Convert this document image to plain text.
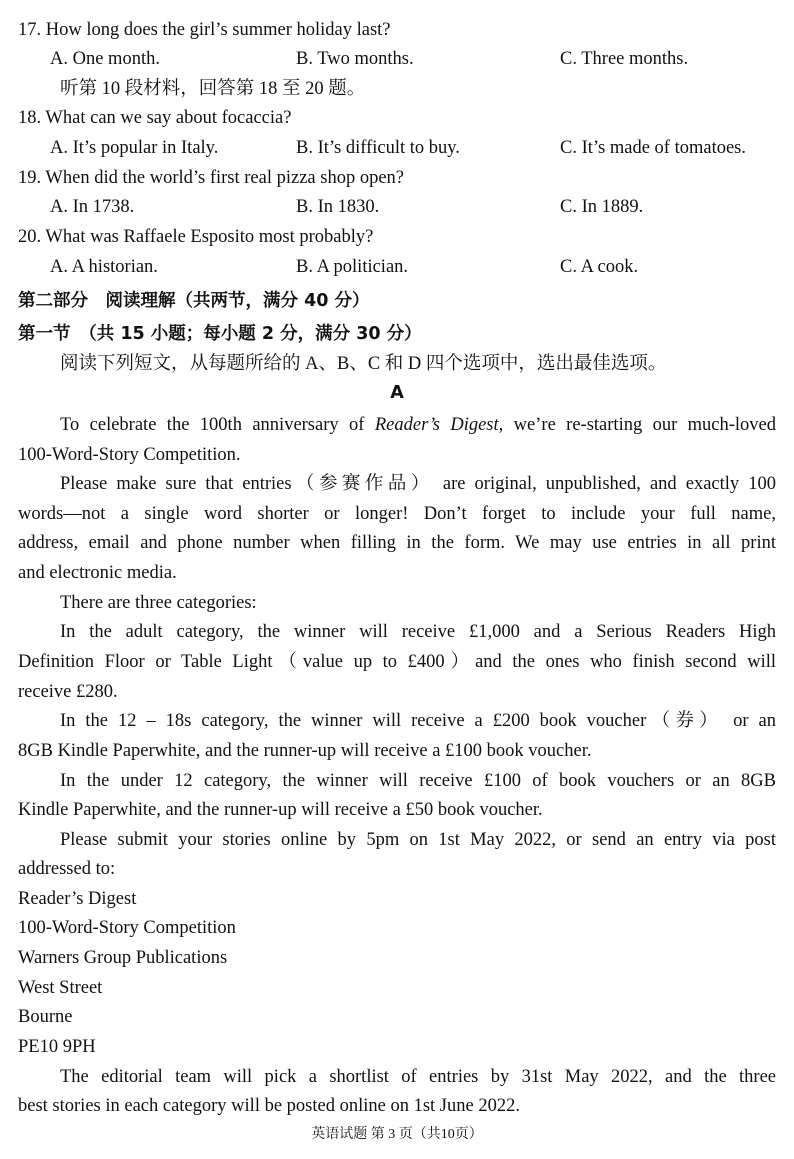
17. How long does the girl’s summer holiday last?
A. One month.	B. Two months.	C. Three months.
听第 10 段材料，回答第 18 至 20 题。
18. What can we say about focaccia?
A. It’s popular in Italy.	B. It’s difficult to buy.	C. It’s made of tomatoes.
19. When did the world’s first real pizza shop open?
A. In 1738.	B. In 1830.	C. In 1889.
20. What was Raffaele Esposito most probably?
A. A historian.	B. A politician.	C. A cook.
第二部分　阅读理解（共两节，满分 40 分）
第一节　（共 15 小题；每小题 2 分，满分 30 分）
阅读下列短文，从每题所给的 A、B、C 和 D 四个选项中，选出最佳选项。
A
To celebrate the 100th anniversary of Reader’s Digest, we’re re-starting our much-loved
100-Word-Story Competition.
Please make sure that entries（参赛作品） are original, unpublished, and exactly 100
words—not a single word shorter or longer! Don’t forget to include your full name,
address, email and phone number when filling in the form. We may use entries in all print
and electronic media.
There are three categories:
In the adult category, the winner will receive £1,000 and a Serious Readers High
Definition Floor or Table Light（value up to £400）and the ones who finish second will
receive £280.
In the 12 – 18s category, the winner will receive a £200 book voucher（券） or an
8GB Kindle Paperwhite, and the runner-up will receive a £100 book voucher.
In the under 12 category, the winner will receive £100 of book vouchers or an 8GB
Kindle Paperwhite, and the runner-up will receive a £50 book voucher.
Please submit your stories online by 5pm on 1st May 2022, or send an entry via post
addressed to:
Reader’s Digest
100-Word-Story Competition
Warners Group Publications
West Street
Bourne
PE10 9PH
The editorial team will pick a shortlist of entries by 31st May 2022, and the three
best stories in each category will be posted online on 1st June 2022.
英语试题 第 3 页（共10页）
